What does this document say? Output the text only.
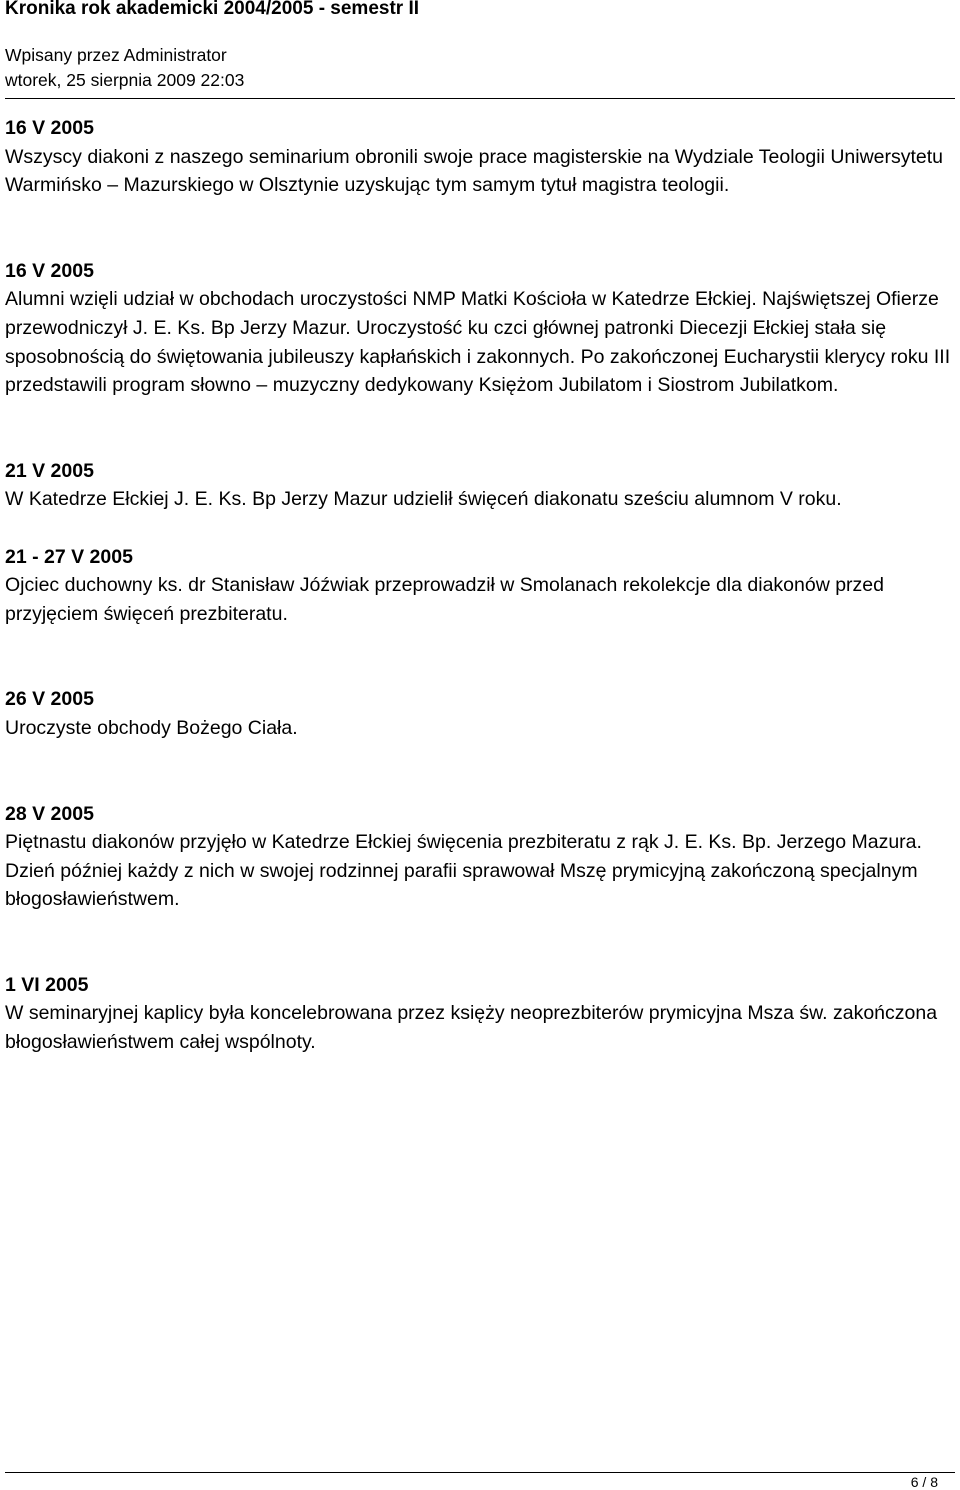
Kronika rok akademicki 2004/2005 - semestr II
Wpisany przez Administrator
wtorek, 25 sierpnia 2009 22:03
16 V 2005
Wszyscy diakoni z naszego seminarium obronili swoje prace magisterskie na Wydziale Teologii Uniwersytetu Warmińsko – Mazurskiego w Olsztynie uzyskując tym samym tytuł magistra teologii.
16 V 2005
Alumni wzięli udział w obchodach uroczystości NMP Matki Kościoła w Katedrze Ełckiej. Najświętszej Ofierze przewodniczył J. E. Ks. Bp Jerzy Mazur. Uroczystość ku czci głównej patronki Diecezji Ełckiej stała się sposobnością do świętowania jubileuszy kapłańskich i zakonnych. Po zakończonej Eucharystii klerycy roku III przedstawili program słowno – muzyczny dedykowany Księżom Jubilatom i Siostrom Jubilatkom.
21 V 2005
W Katedrze Ełckiej J. E. Ks. Bp Jerzy Mazur udzielił święceń diakonatu sześciu alumnom V roku.
21 - 27 V 2005
Ojciec duchowny ks. dr Stanisław Jóźwiak przeprowadził w Smolanach rekolekcje dla diakonów przed przyjęciem święceń prezbiteratu.
26 V 2005
Uroczyste obchody Bożego Ciała.
28 V 2005
Piętnastu diakonów przyjęło w Katedrze Ełckiej święcenia prezbiteratu z rąk J. E. Ks. Bp. Jerzego Mazura.
Dzień później każdy z nich w swojej rodzinnej parafii sprawował Mszę prymicyjną zakończoną specjalnym błogosławieństwem.
1 VI 2005
W seminaryjnej kaplicy była koncelebrowana przez księży neoprezbiterów prymicyjna Msza św. zakończona błogosławieństwem całej wspólnoty.
6 / 8
